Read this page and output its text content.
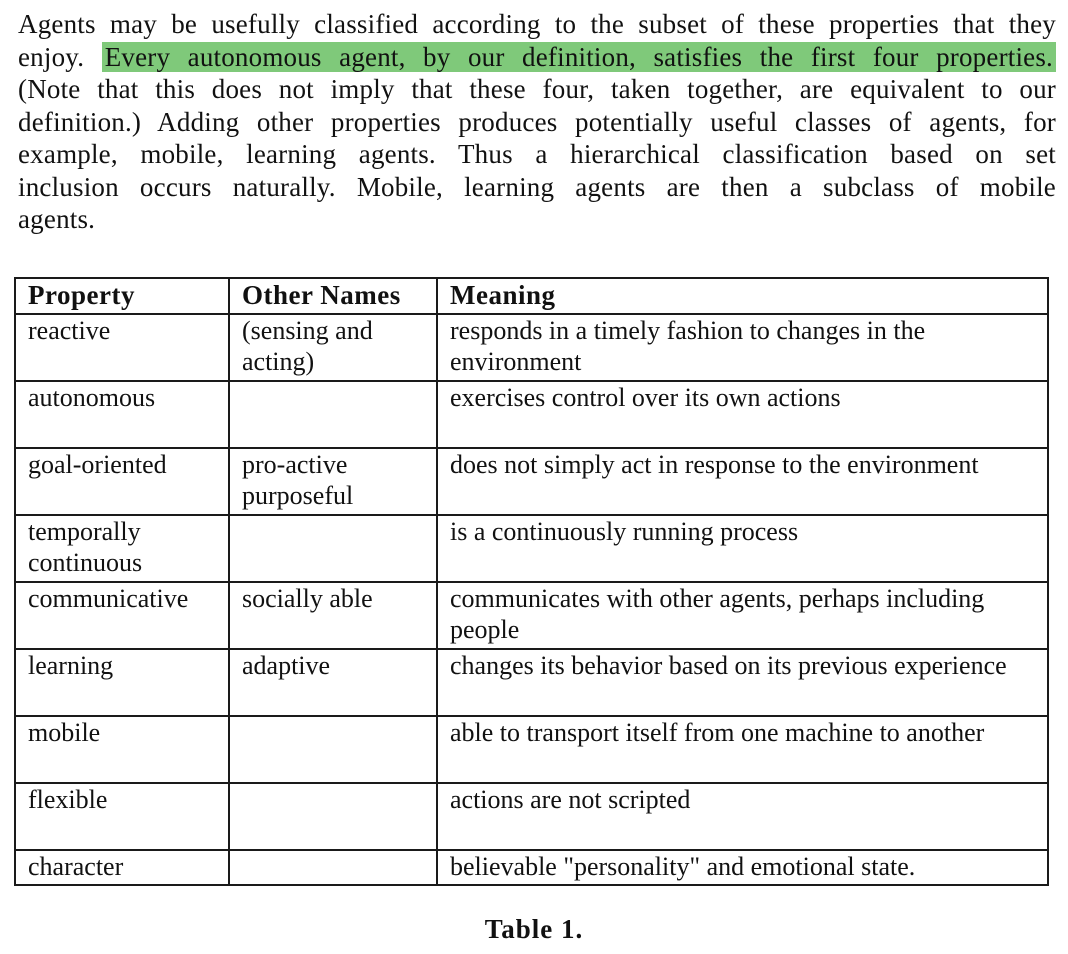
Agents may be usefully classified according to the subset of these properties that they
enjoy. Every autonomous agent, by our definition, satisfies the first four properties.
(Note that this does not imply that these four, taken together, are equivalent to our
definition.) Adding other properties produces potentially useful classes of agents, for
example, mobile, learning agents. Thus a hierarchical classification based on set
inclusion occurs naturally. Mobile, learning agents are then a subclass of mobile
agents.
Property	Other Names	Meaning
reactive	(sensing and acting)	responds in a timely fashion to changes in the environment
autonomous		exercises control over its own actions
goal-oriented	pro-active purposeful	does not simply act in response to the environment
temporally continuous		is a continuously running process
communicative	socially able	communicates with other agents, perhaps including people
learning	adaptive	changes its behavior based on its previous experience
mobile		able to transport itself from one machine to another
flexible		actions are not scripted
character		believable "personality" and emotional state.
Table 1.
